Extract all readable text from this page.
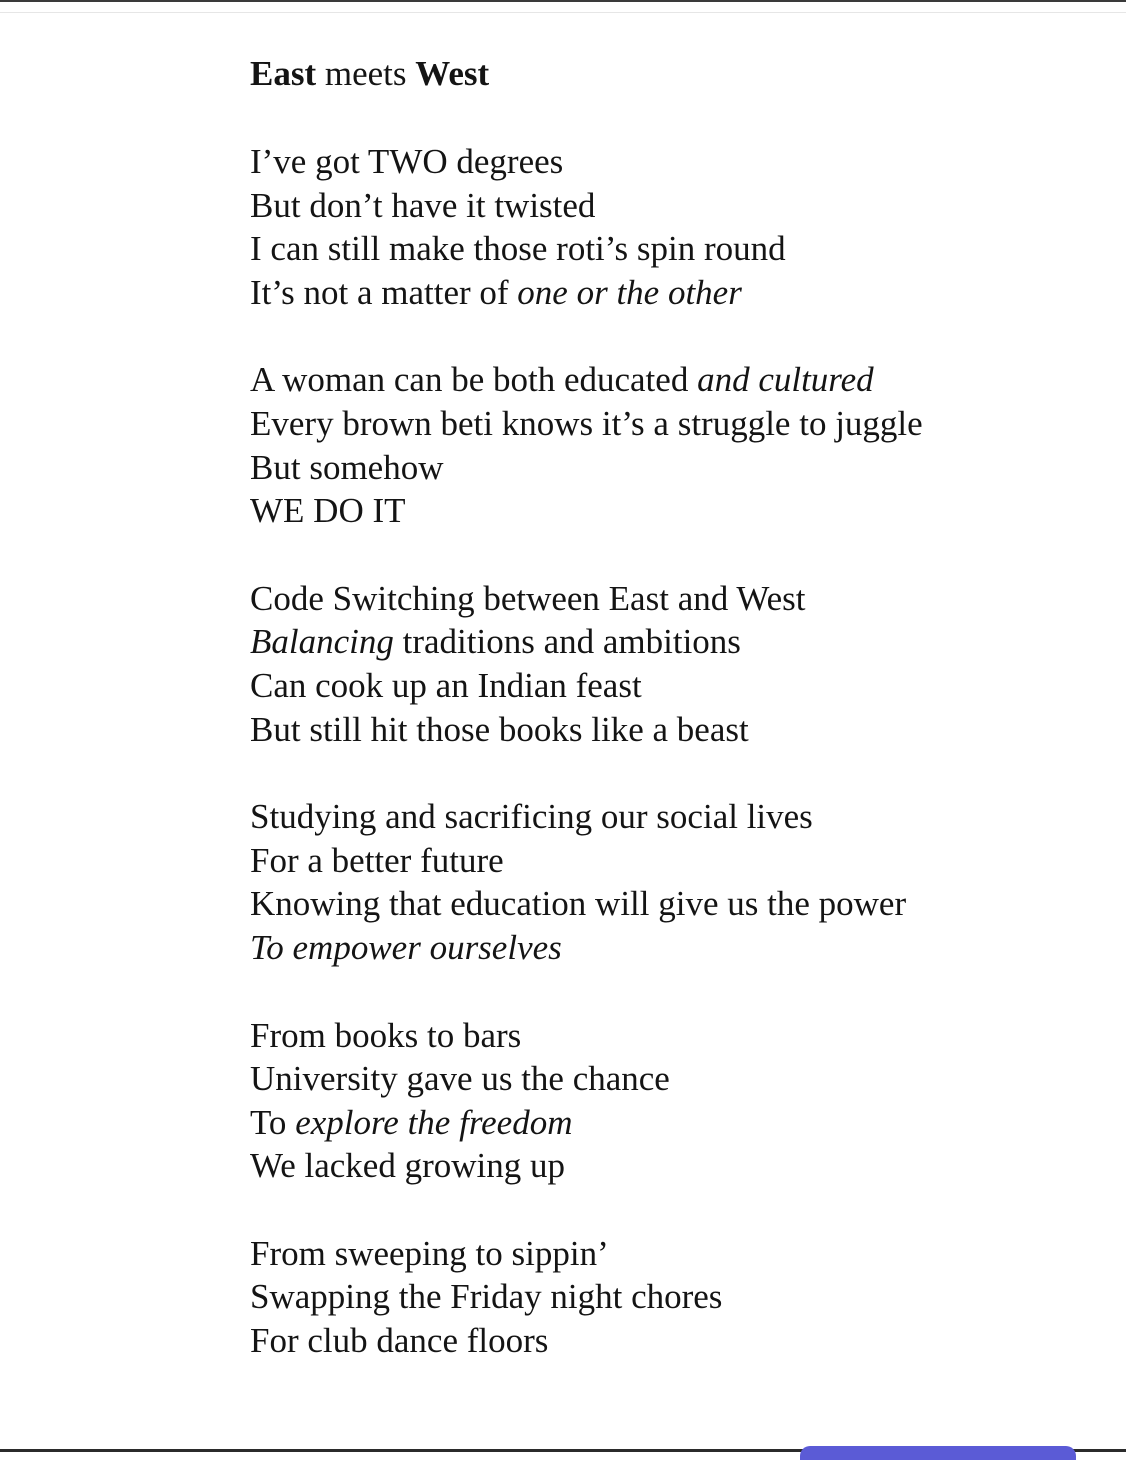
East meets West
I’ve got TWO degrees
But don’t have it twisted
I can still make those roti’s spin round
It’s not a matter of one or the other
A woman can be both educated and cultured
Every brown beti knows it’s a struggle to juggle
But somehow
WE DO IT
Code Switching between East and West
Balancing traditions and ambitions
Can cook up an Indian feast
But still hit those books like a beast
Studying and sacrificing our social lives
For a better future
Knowing that education will give us the power
To empower ourselves
From books to bars
University gave us the chance
To explore the freedom
We lacked growing up
From sweeping to sippin’
Swapping the Friday night chores
For club dance floors
